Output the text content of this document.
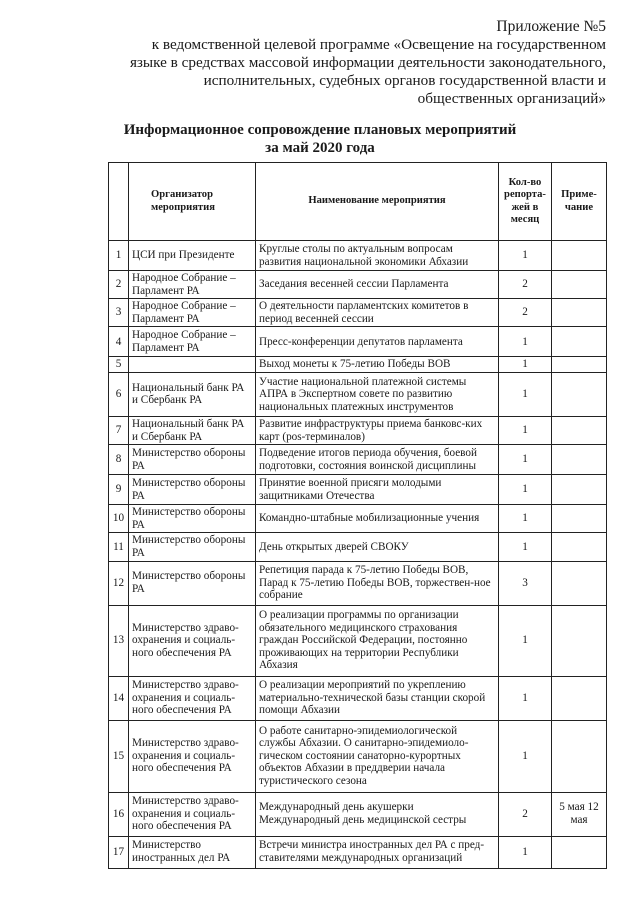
Приложение №5
к ведомственной целевой программе «Освещение на государственном
языке в средствах массовой информации деятельности законодательного,
исполнительных, судебных органов государственной власти и
общественных организаций»
Информационное сопровождение плановых мероприятий
за май 2020 года
	Организатор мероприятия	Наименование мероприятия	Кол-во репорта-жей в месяц	Приме-чание
1	ЦСИ при Президенте	Круглые столы по актуальным вопросам развития национальной экономики Абхазии	1	
2	Народное Собрание – Парламент РА	Заседания весенней сессии Парламента	2	
3	Народное Собрание – Парламент РА	О деятельности парламентских комитетов в период весенней сессии	2	
4	Народное Собрание – Парламент РА	Пресс-конференции депутатов парламента	1	
5		Выход монеты к 75-летию Победы ВОВ	1	
6	Национальный банк РА и Сбербанк РА	Участие национальной платежной системы АПРА в Экспертном совете по развитию национальных платежных инструментов	1	
7	Национальный банк РА и Сбербанк РА	Развитие инфраструктуры приема банковс-ких карт (pos-терминалов)	1	
8	Министерство обороны РА	Подведение итогов периода обучения, боевой подготовки, состояния воинской дисциплины	1	
9	Министерство обороны РА	Принятие военной присяги молодыми защитниками Отечества	1	
10	Министерство обороны РА	Командно-штабные мобилизационные учения	1	
11	Министерство обороны РА	День открытых дверей СВОКУ	1	
12	Министерство обороны РА	Репетиция парада к 75-летию Победы ВОВ, Парад к 75-летию Победы ВОВ, торжествен-ное собрание	3	
13	Министерство здраво-охранения и социаль-ного обеспечения РА	О реализации программы по организации обязательного медицинского страхования граждан Российской Федерации, постоянно проживающих на территории Республики Абхазия	1	
14	Министерство здраво-охранения и социаль-ного обеспечения РА	О реализации мероприятий по укреплению материально-технической базы станции скорой помощи Абхазии	1	
15	Министерство здраво-охранения и социаль-ного обеспечения РА	О работе санитарно-эпидемиологической службы Абхазии. О санитарно-эпидемиоло-гическом состоянии санаторно-курортных объектов Абхазии в преддверии начала туристического сезона	1	
16	Министерство здраво-охранения и социаль-ного обеспечения РА	Международный день акушерки Международный день медицинской сестры	2	5 мая 12 мая
17	Министерство иностранных дел РА	Встречи министра иностранных дел РА с пред-ставителями международных организаций	1	
